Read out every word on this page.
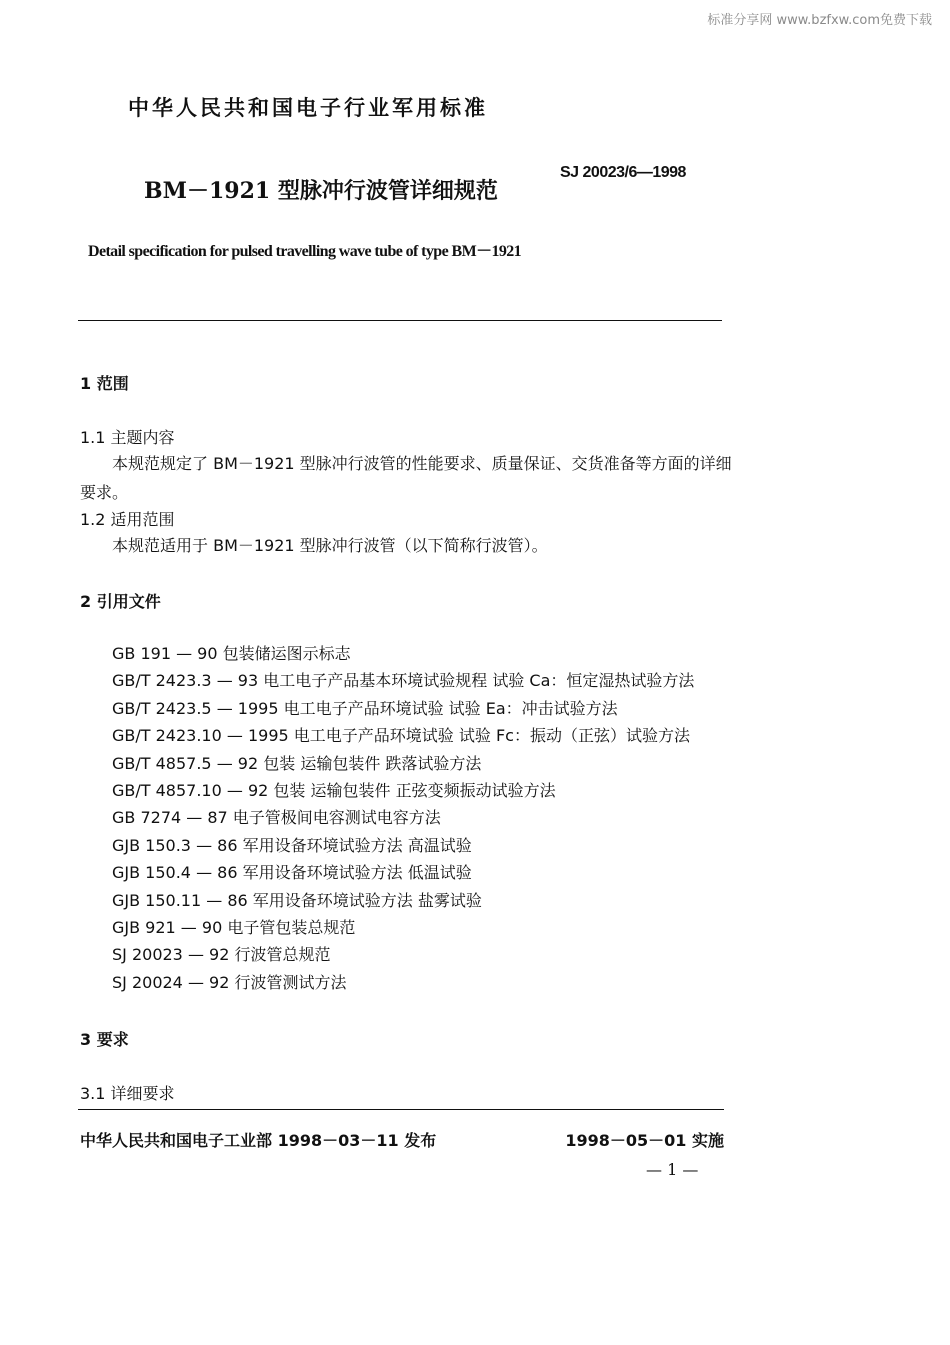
标准分享网 www.bzfxw.com免费下载
中华人民共和国电子行业军用标准
BM－1921 型脉冲行波管详细规范
SJ 20023/6—1998
Detail specification for pulsed travelling wave tube of type BM－1921
1 范围
1.1 主题内容
本规范规定了 BM－1921 型脉冲行波管的性能要求、质量保证、交货准备等方面的详细
要求。
1.2 适用范围
本规范适用于 BM－1921 型脉冲行波管（以下简称行波管）。
2 引用文件
GB 191 — 90 包装储运图示标志
GB/T 2423.3 — 93 电工电子产品基本环境试验规程 试验 Ca：恒定湿热试验方法
GB/T 2423.5 — 1995 电工电子产品环境试验 试验 Ea：冲击试验方法
GB/T 2423.10 — 1995 电工电子产品环境试验 试验 Fc：振动（正弦）试验方法
GB/T 4857.5 — 92 包装 运输包装件 跌落试验方法
GB/T 4857.10 — 92 包装 运输包装件 正弦变频振动试验方法
GB 7274 — 87 电子管极间电容测试电容方法
GJB 150.3 — 86 军用设备环境试验方法 高温试验
GJB 150.4 — 86 军用设备环境试验方法 低温试验
GJB 150.11 — 86 军用设备环境试验方法 盐雾试验
GJB 921 — 90 电子管包装总规范
SJ 20023 — 92 行波管总规范
SJ 20024 — 92 行波管测试方法
3 要求
3.1 详细要求
中华人民共和国电子工业部 1998－03－11 发布	1998－05－01 实施
— 1 —
